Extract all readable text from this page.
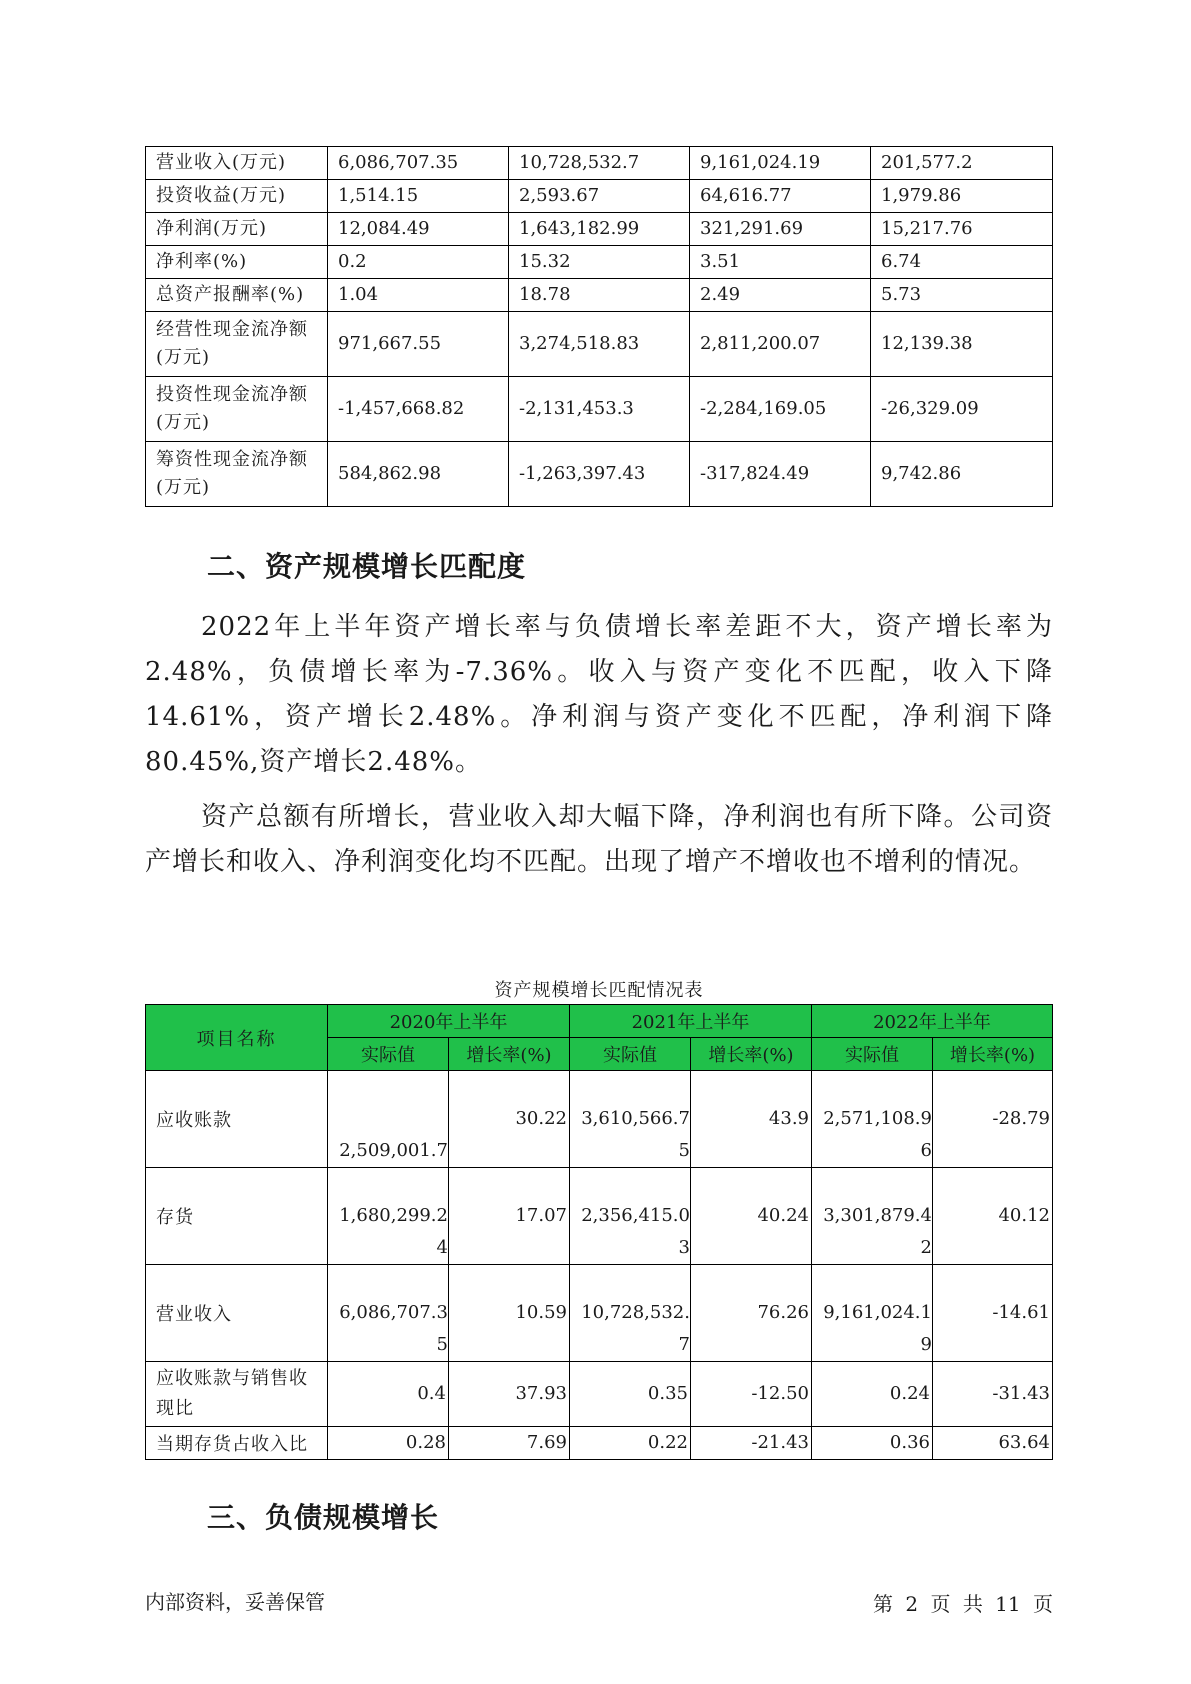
营业收入(万元)	6,086,707.35	10,728,532.7	9,161,024.19	201,577.2
投资收益(万元)	1,514.15	2,593.67	64,616.77	1,979.86
净利润(万元)	12,084.49	1,643,182.99	321,291.69	15,217.76
净利率(%)	0.2	15.32	3.51	6.74
总资产报酬率(%)	1.04	18.78	2.49	5.73
经营性现金流净额(万元)	971,667.55	3,274,518.83	2,811,200.07	12,139.38
投资性现金流净额(万元)	-1,457,668.82	-2,131,453.3	-2,284,169.05	-26,329.09
筹资性现金流净额(万元)	584,862.98	-1,263,397.43	-317,824.49	9,742.86
二、资产规模增长匹配度

2022年上半年资产增长率与负债增长率差距不大，资产增长率为2.48%，负债增长率为-7.36%。收入与资产变化不匹配，收入下降14.61%，资产增长2.48%。净利润与资产变化不匹配，净利润下降80.45%,资产增长2.48%。

资产总额有所增长，营业收入却大幅下降，净利润也有所下降。公司资产增长和收入、净利润变化均不匹配。出现了增产不增收也不增利的情况。

资产规模增长匹配情况表
项目名称	2020年上半年		2021年上半年		2022年上半年	
	实际值	增长率(%)	实际值	增长率(%)	实际值	增长率(%)
应收账款	2,509,001.7	30.22	3,610,566.75	43.9	2,571,108.96	-28.79
存货	1,680,299.24	17.07	2,356,415.03	40.24	3,301,879.42	40.12
营业收入	6,086,707.35	10.59	10,728,532.7	76.26	9,161,024.19	-14.61
应收账款与销售收现比	0.4	37.93	0.35	-12.50	0.24	-31.43
当期存货占收入比	0.28	7.69	0.22	-21.43	0.36	63.64
三、负债规模增长
内部资料，妥善保管	第 2 页 共 11 页
